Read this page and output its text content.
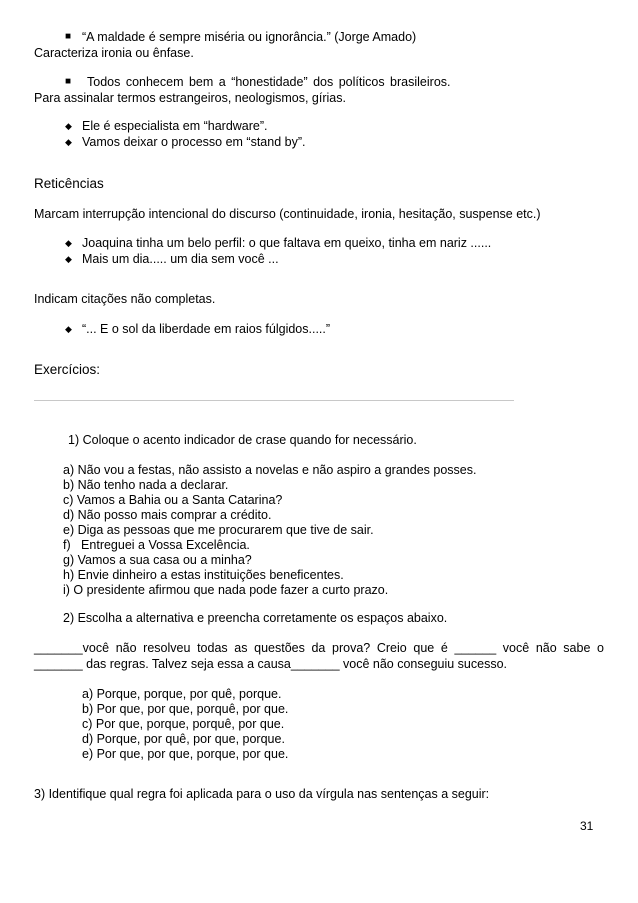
■ “A maldade é sempre miséria ou ignorância.” (Jorge Amado)
Caracteriza ironia ou ênfase.
■ Todos conhecem bem a “honestidade” dos políticos brasileiros.
Para assinalar termos estrangeiros, neologismos, gírias.
◆ Ele é especialista em “hardware”.
◆ Vamos deixar o processo em “stand by”.
Reticências
Marcam interrupção intencional do discurso (continuidade, ironia, hesitação, suspense etc.)
◆ Joaquina tinha um belo perfil: o que faltava em queixo, tinha em nariz ......
◆ Mais um dia..... um dia sem você ...
Indicam citações não completas.
◆ “... E o sol da liberdade em raios fúlgidos.....”
Exercícios:
1) Coloque o acento indicador de crase quando for necessário.
a) Não vou a festas, não assisto a novelas e não aspiro a grandes posses.
b) Não tenho nada a declarar.
c) Vamos a Bahia ou a Santa Catarina?
d) Não posso mais comprar a crédito.
e) Diga as pessoas que me procurarem que tive de sair.
f)   Entreguei a Vossa Excelência.
g) Vamos a sua casa ou a minha?
h) Envie dinheiro a estas instituições beneficentes.
i) O presidente afirmou que nada pode fazer a curto prazo.
2) Escolha a alternativa e preencha corretamente os espaços abaixo.
_______você não resolveu todas as questões da prova? Creio que é ______ você não sabe o
_______ das regras. Talvez seja essa a causa_______ você não conseguiu sucesso.
a) Porque, porque, por quê, porque.
b) Por que, por que, porquê, por que.
c) Por que, porque, porquê, por que.
d) Porque, por quê, por que, porque.
e) Por que, por que, porque, por que.
3) Identifique qual regra foi aplicada para o uso da vírgula nas sentenças a seguir:
31
